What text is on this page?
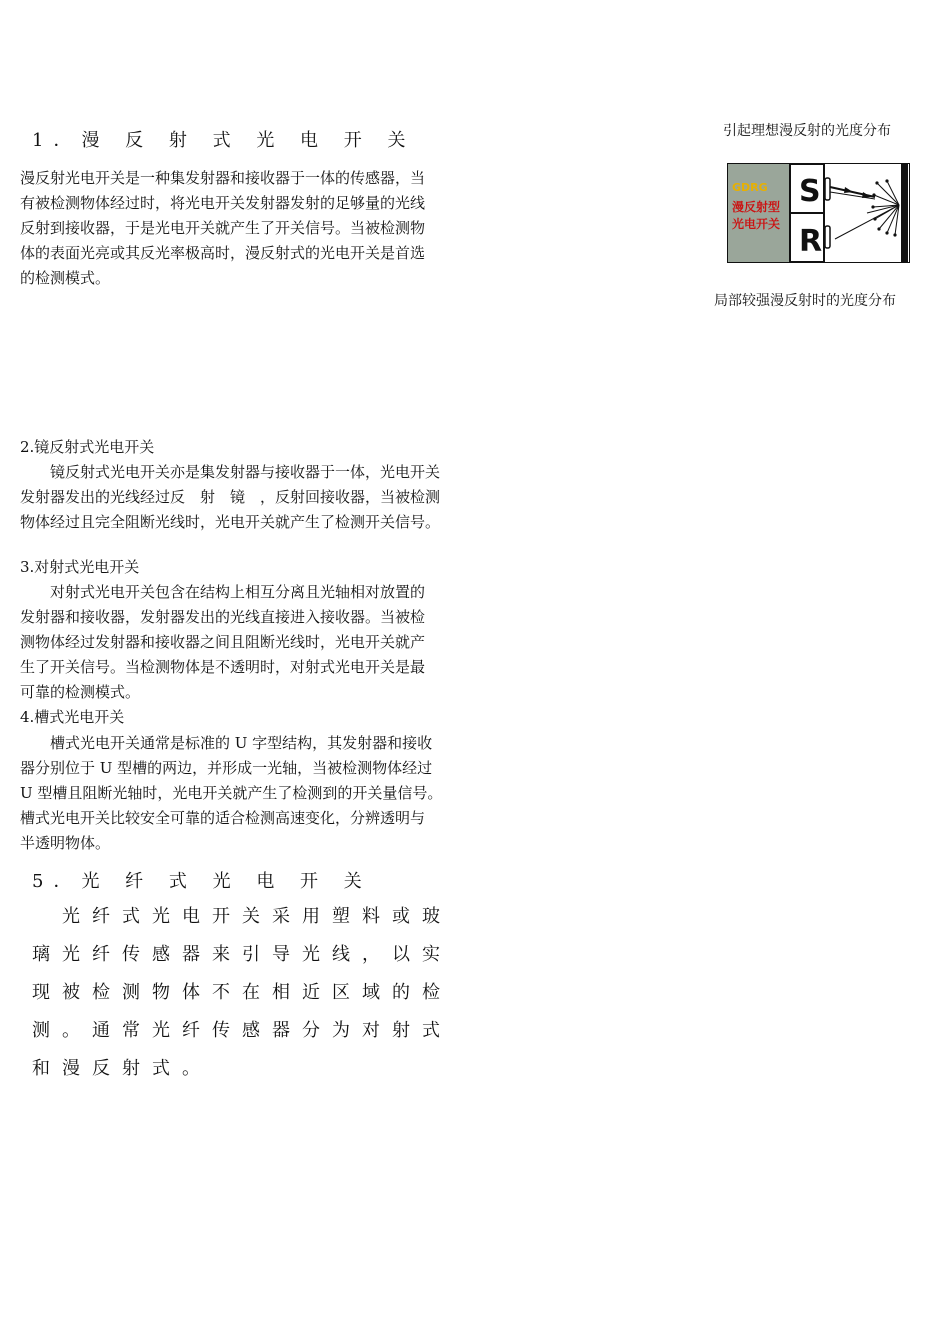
1．漫 反 射 式 光 电 开 关

漫反射光电开关是一种集发射器和接收器于一体的传感器，当
有被检测物体经过时，将光电开关发射器发射的足够量的光线
反射到接收器，于是光电开关就产生了开关信号。当被检测物
体的表面光亮或其反光率极高时，漫反射式的光电开关是首选
的检测模式。

引起理想漫反射的光度分布
GDRG
漫反射型
光电开关
S
R
局部较强漫反射时的光度分布
2.镜反射式光电开关

　　镜反射式光电开关亦是集发射器与接收器于一体，光电开关
发射器发出的光线经过反　射　镜　，反射回接收器，当被检测
物体经过且完全阻断光线时，光电开关就产生了检测开关信号。

3.对射式光电开关

　　对射式光电开关包含在结构上相互分离且光轴相对放置的
发射器和接收器，发射器发出的光线直接进入接收器。当被检
测物体经过发射器和接收器之间且阻断光线时，光电开关就产
生了开关信号。当检测物体是不透明时，对射式光电开关是最
可靠的检测模式。

4.槽式光电开关

　　槽式光电开关通常是标准的 U 字型结构，其发射器和接收
器分别位于 U 型槽的两边，并形成一光轴，当被检测物体经过
U 型槽且阻断光轴时，光电开关就产生了检测到的开关量信号。
槽式光电开关比较安全可靠的适合检测高速变化，分辨透明与
半透明物体。

5．光 纤 式 光 电 开 关

　光纤式光电开关采用塑料或玻
璃光纤传感器来引导光线，以实
现被检测物体不在相近区域的检
测。通常光纤传感器分为对射式
和漫反射式。
